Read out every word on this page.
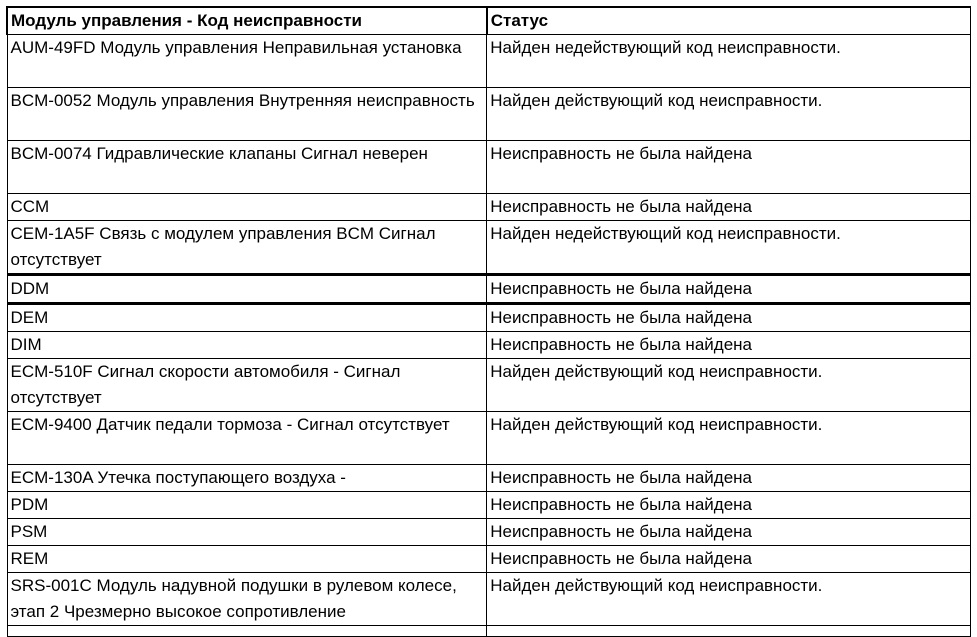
Модуль управления - Код неисправности	Статус
AUM-49FD Модуль управления Неправильная установка	Найден недействующий код неисправности.
BCM-0052 Модуль управления Внутренняя неисправность	Найден действующий код неисправности.
BCM-0074 Гидравлические клапаны Сигнал неверен	Неисправность не была найдена
CCM	Неисправность не была найдена
CEM-1A5F Связь с модулем управления BCM Сигнал отсутствует	Найден недействующий код неисправности.
DDM	Неисправность не была найдена
DEM	Неисправность не была найдена
DIM	Неисправность не была найдена
ECM-510F Сигнал скорости автомобиля - Сигнал отсутствует	Найден действующий код неисправности.
ECM-9400 Датчик педали тормоза - Сигнал отсутствует	Найден действующий код неисправности.
ECM-130A Утечка поступающего воздуха -	Неисправность не была найдена
PDM	Неисправность не была найдена
PSM	Неисправность не была найдена
REM	Неисправность не была найдена
SRS-001C Модуль надувной подушки в рулевом колесе, этап 2 Чрезмерно высокое сопротивление	Найден действующий код неисправности.
